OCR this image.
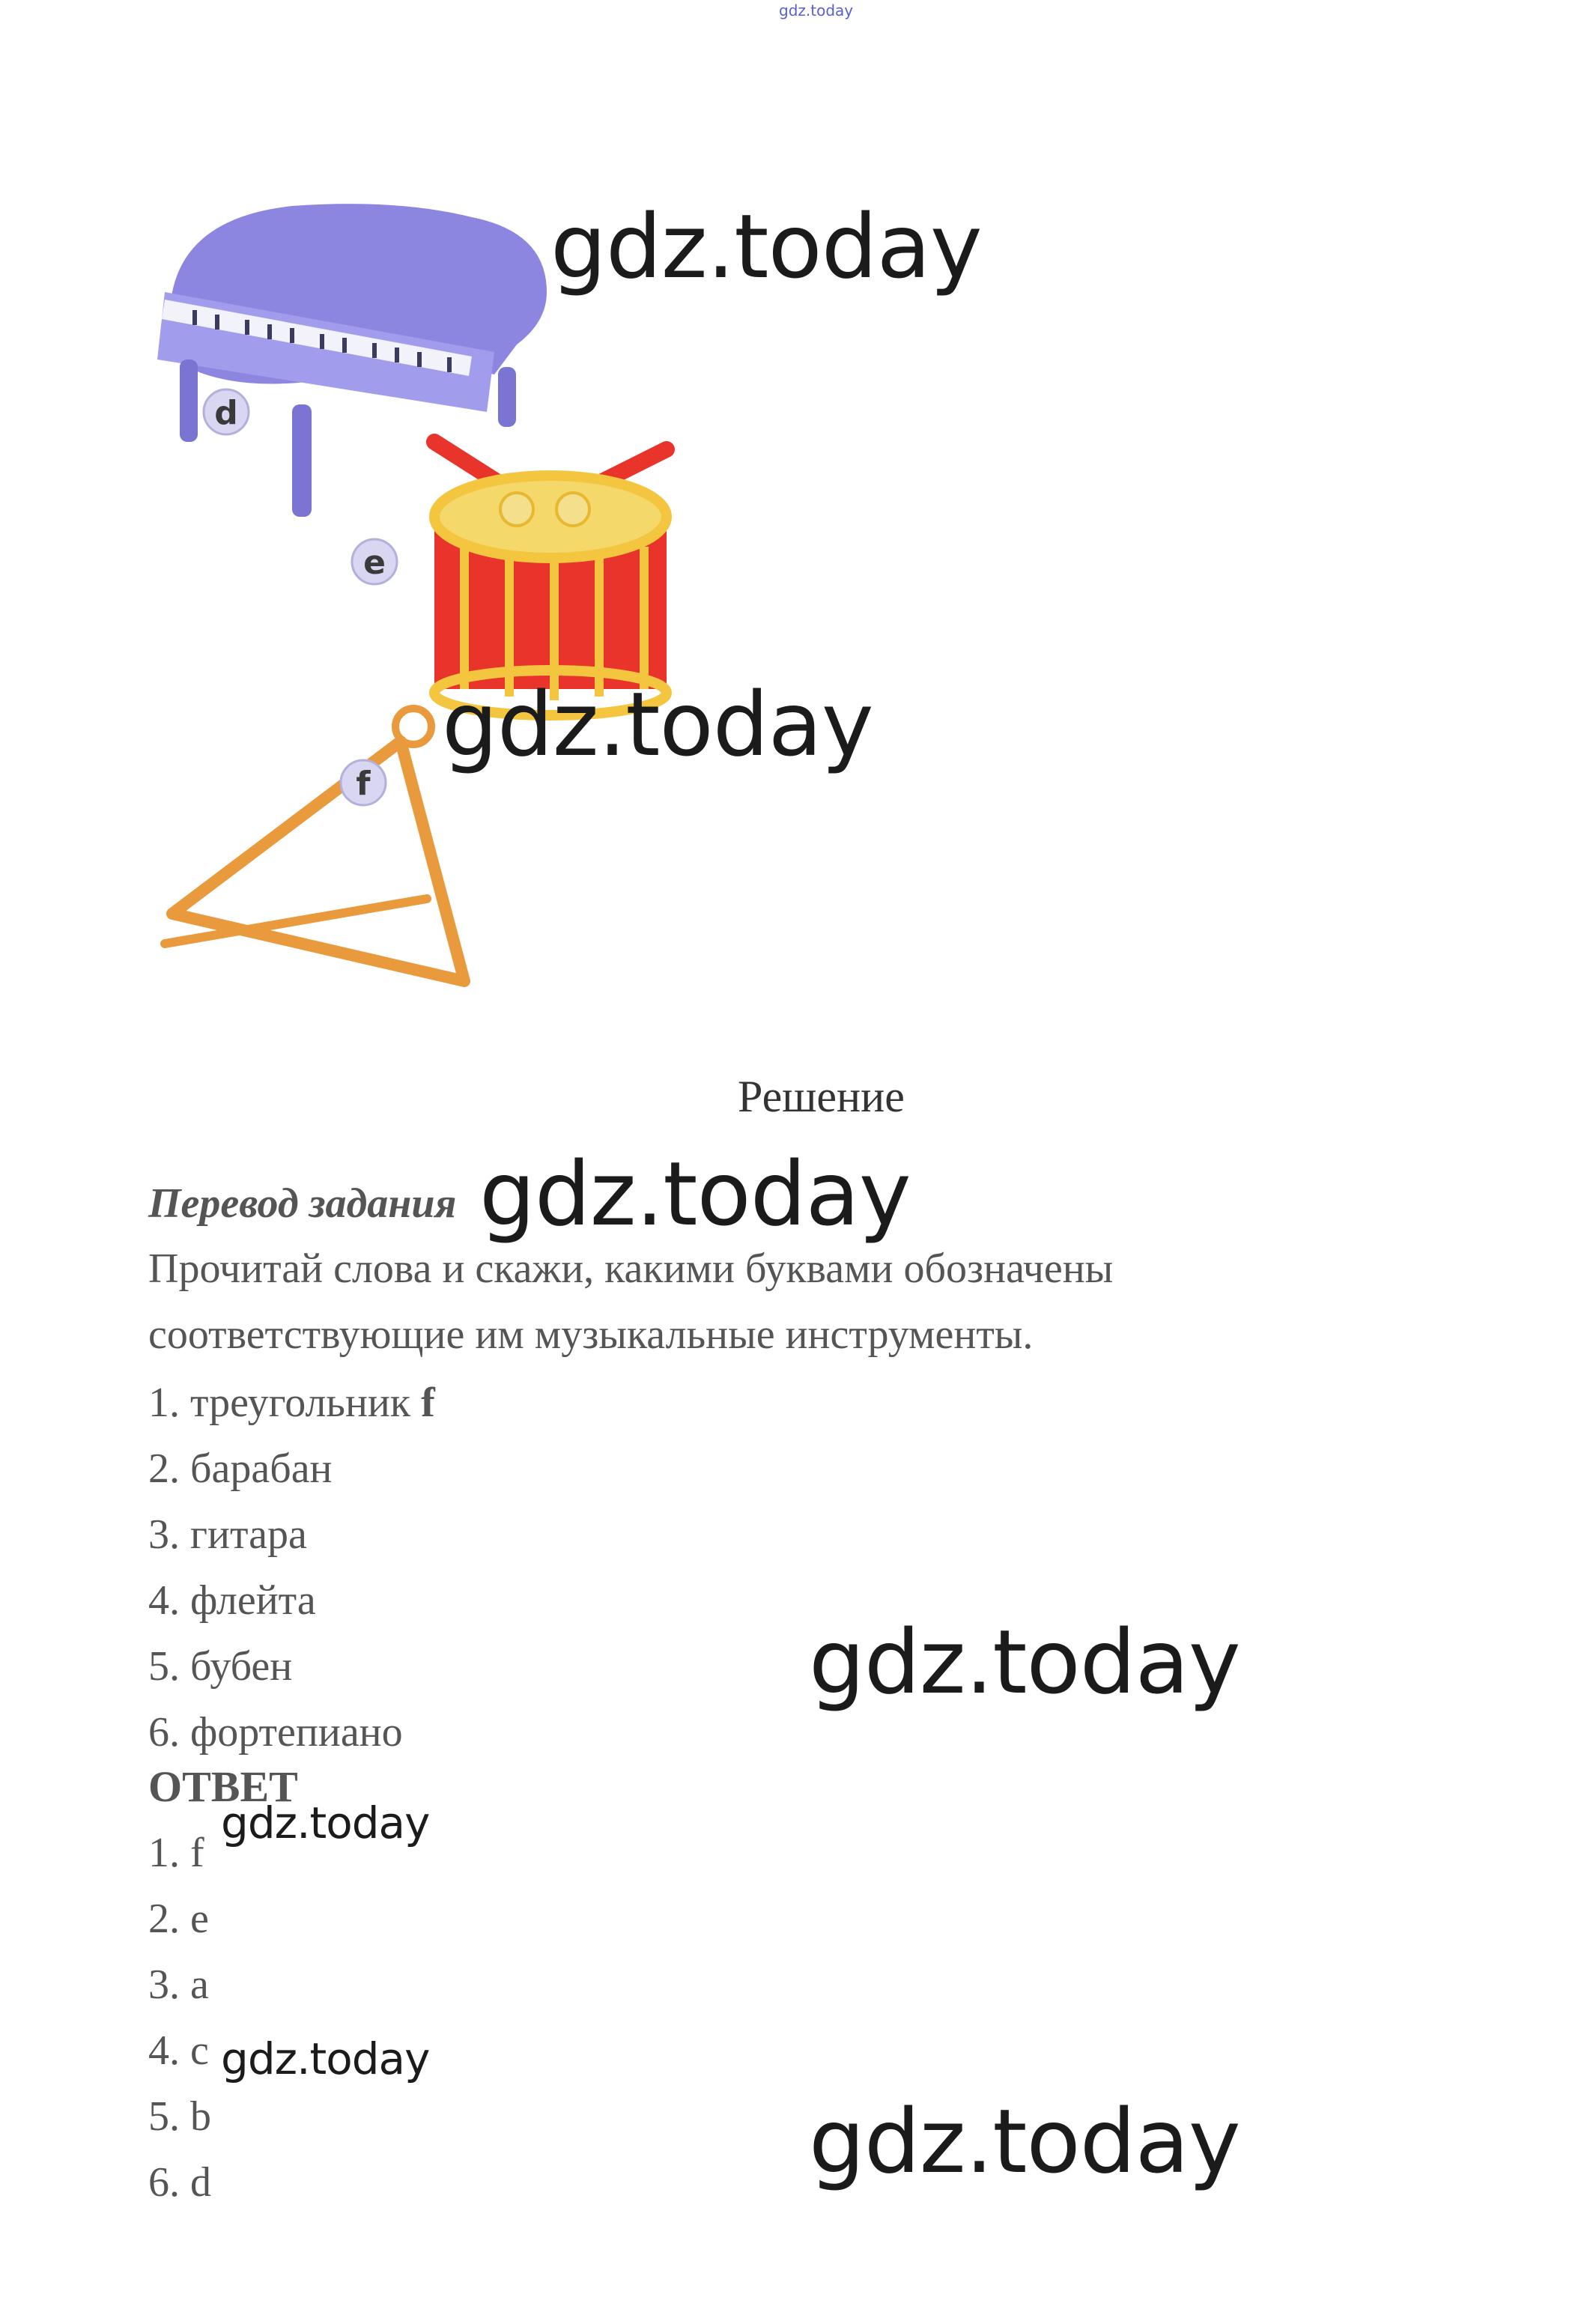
gdz.today
d
e
f
gdz.today
gdz.today
gdz.today
gdz.today
gdz.today
gdz.today
gdz.today
Решение
Перевод задания
Прочитай слова и скажи, какими буквами обозначены соответствующие им музыкальные инструменты.
1. треугольник f
2. барабан
3. гитара
4. флейта
5. бубен
6. фортепиано
ОТВЕТ
1. f
2. e
3. a
4. c
5. b
6. d
